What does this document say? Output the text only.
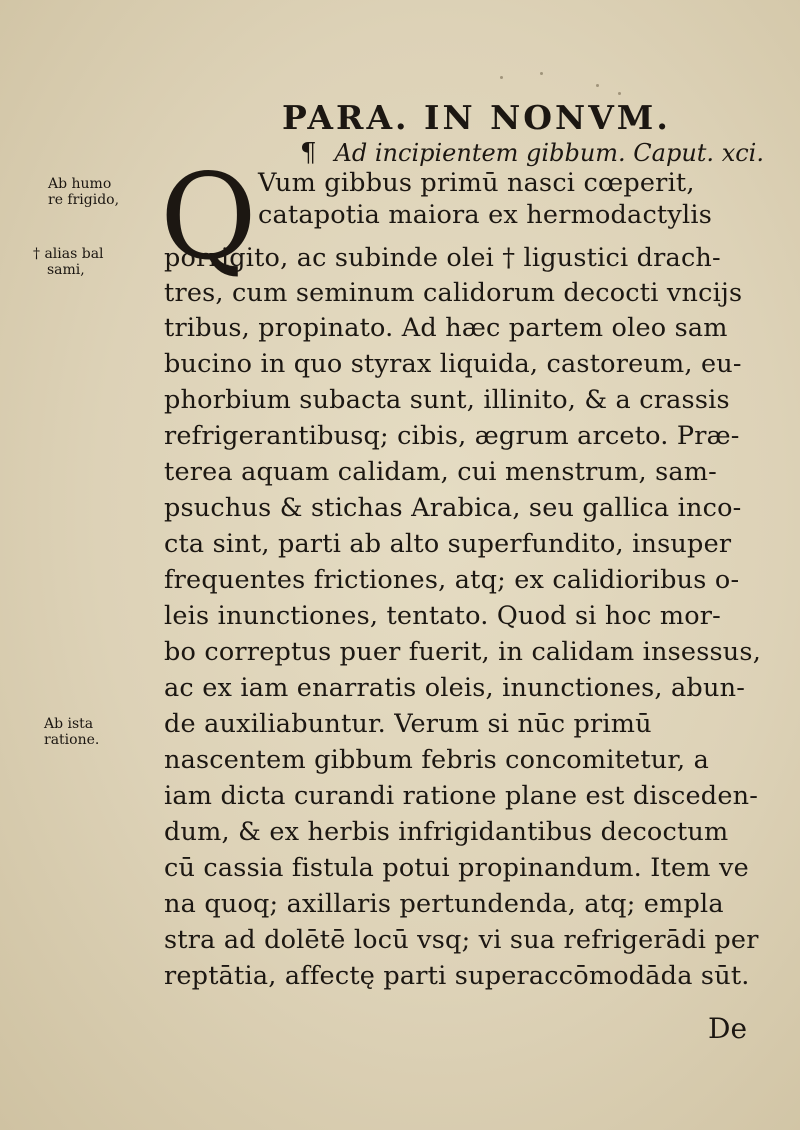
PARA. IN NONVM.
¶ Ad incipientem gibbum. Caput. xci.
Q
Ab humo
re frigido,
† alias bal
sami,
Ab ista
ratione.
Vum gibbus primū nasci cœperit,
catapotia maiora ex hermodactylis
porrigito, ac subinde olei † ligustici drach-
tres, cum seminum calidorum decocti vncijs
tribus, propinato. Ad hæc partem oleo sam
bucino in quo styrax liquida, castoreum, eu-
phorbium subacta sunt, illinito, & a crassis
refrigerantibusq; cibis, ægrum arceto. Præ-
terea aquam calidam, cui menstrum, sam-
psuchus & stichas Arabica, seu gallica inco-
cta sint, parti ab alto superfundito, insuper
frequentes frictiones, atq; ex calidioribus o-
leis inunctiones, tentato. Quod si hoc mor-
bo correptus puer fuerit, in calidam insessus,
ac ex iam enarratis oleis, inunctiones, abun-
de auxiliabuntur. Verum si nūc primū
nascentem gibbum febris concomitetur, a
iam dicta curandi ratione plane est disceden-
dum, & ex herbis infrigidantibus decoctum
cū cassia fistula potui propinandum. Item ve
na quoq; axillaris pertundenda, atq; empla
stra ad dolētē locū vsq; vi sua refrigerādi per
reptātia, affectę parti superaccōmodāda sūt.
De
